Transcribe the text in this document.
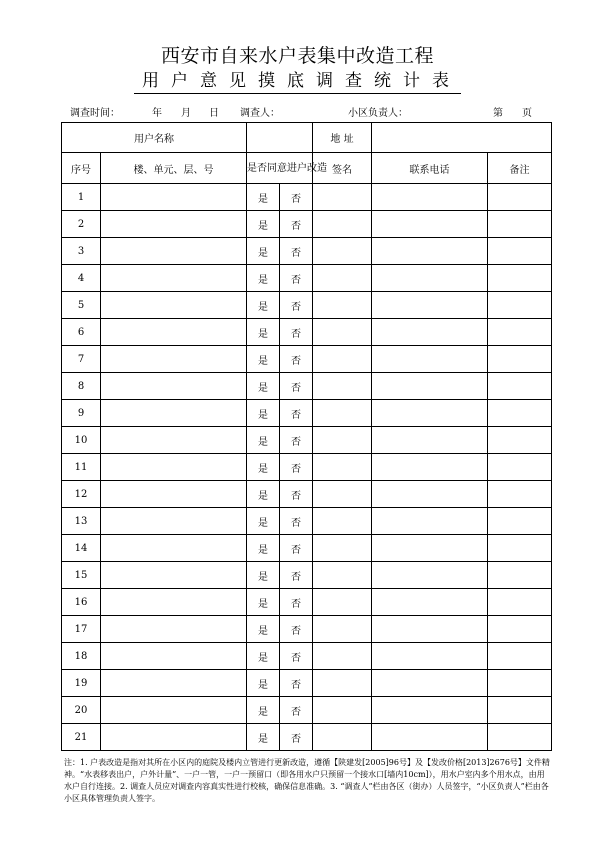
西安市自来水户表集中改造工程
用户意见摸底调查统计表
调查时间：	年 月 日 调查人：	小区负责人：	第 页
用户名称				地 址		
序号	楼、单元、层、号	是否同意进户改造		签名	联系电话	备注
1		是	否			
2		是	否			
3		是	否			
4		是	否			
5		是	否			
6		是	否			
7		是	否			
8		是	否			
9		是	否			
10		是	否			
11		是	否			
12		是	否			
13		是	否			
14		是	否			
15		是	否			
16		是	否			
17		是	否			
18		是	否			
19		是	否			
20		是	否			
21		是	否			
注：1. 户表改造是指对其所在小区内的庭院及楼内立管进行更新改造，遵循【陕建发[2005]96号】及【发改价格[2013]2676号】文件精神。“水表移表出户，户外计量”、一户一管，一户一预留口（即各用水户只预留一个接水口[墙内10cm]），用水户室内多个用水点，由用水户自行连接。2. 调查人员应对调查内容真实性进行校核，确保信息准确。3. “调查人”栏由各区（街办）人员签字，“小区负责人”栏由各小区具体管理负责人签字。
